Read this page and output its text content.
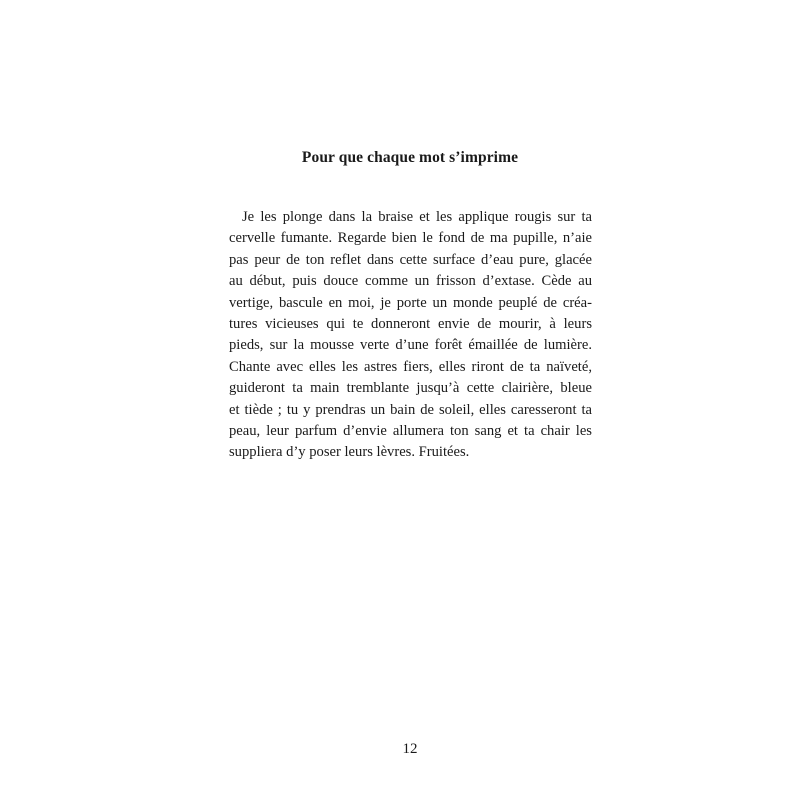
Pour que chaque mot s’imprime
Je les plonge dans la braise et les applique rougis sur ta
cervelle fumante. Regarde bien le fond de ma pupille, n’aie
pas peur de ton reflet dans cette surface d’eau pure, glacée
au début, puis douce comme un frisson d’extase. Cède au
vertige, bascule en moi, je porte un monde peuplé de créa-
tures vicieuses qui te donneront envie de mourir, à leurs
pieds, sur la mousse verte d’une forêt émaillée de lumière.
Chante avec elles les astres fiers, elles riront de ta naïveté,
guideront ta main tremblante jusqu’à cette clairière, bleue
et tiède ; tu y prendras un bain de soleil, elles caresseront ta
peau, leur parfum d’envie allumera ton sang et ta chair les
suppliera d’y poser leurs lèvres. Fruitées.

12
